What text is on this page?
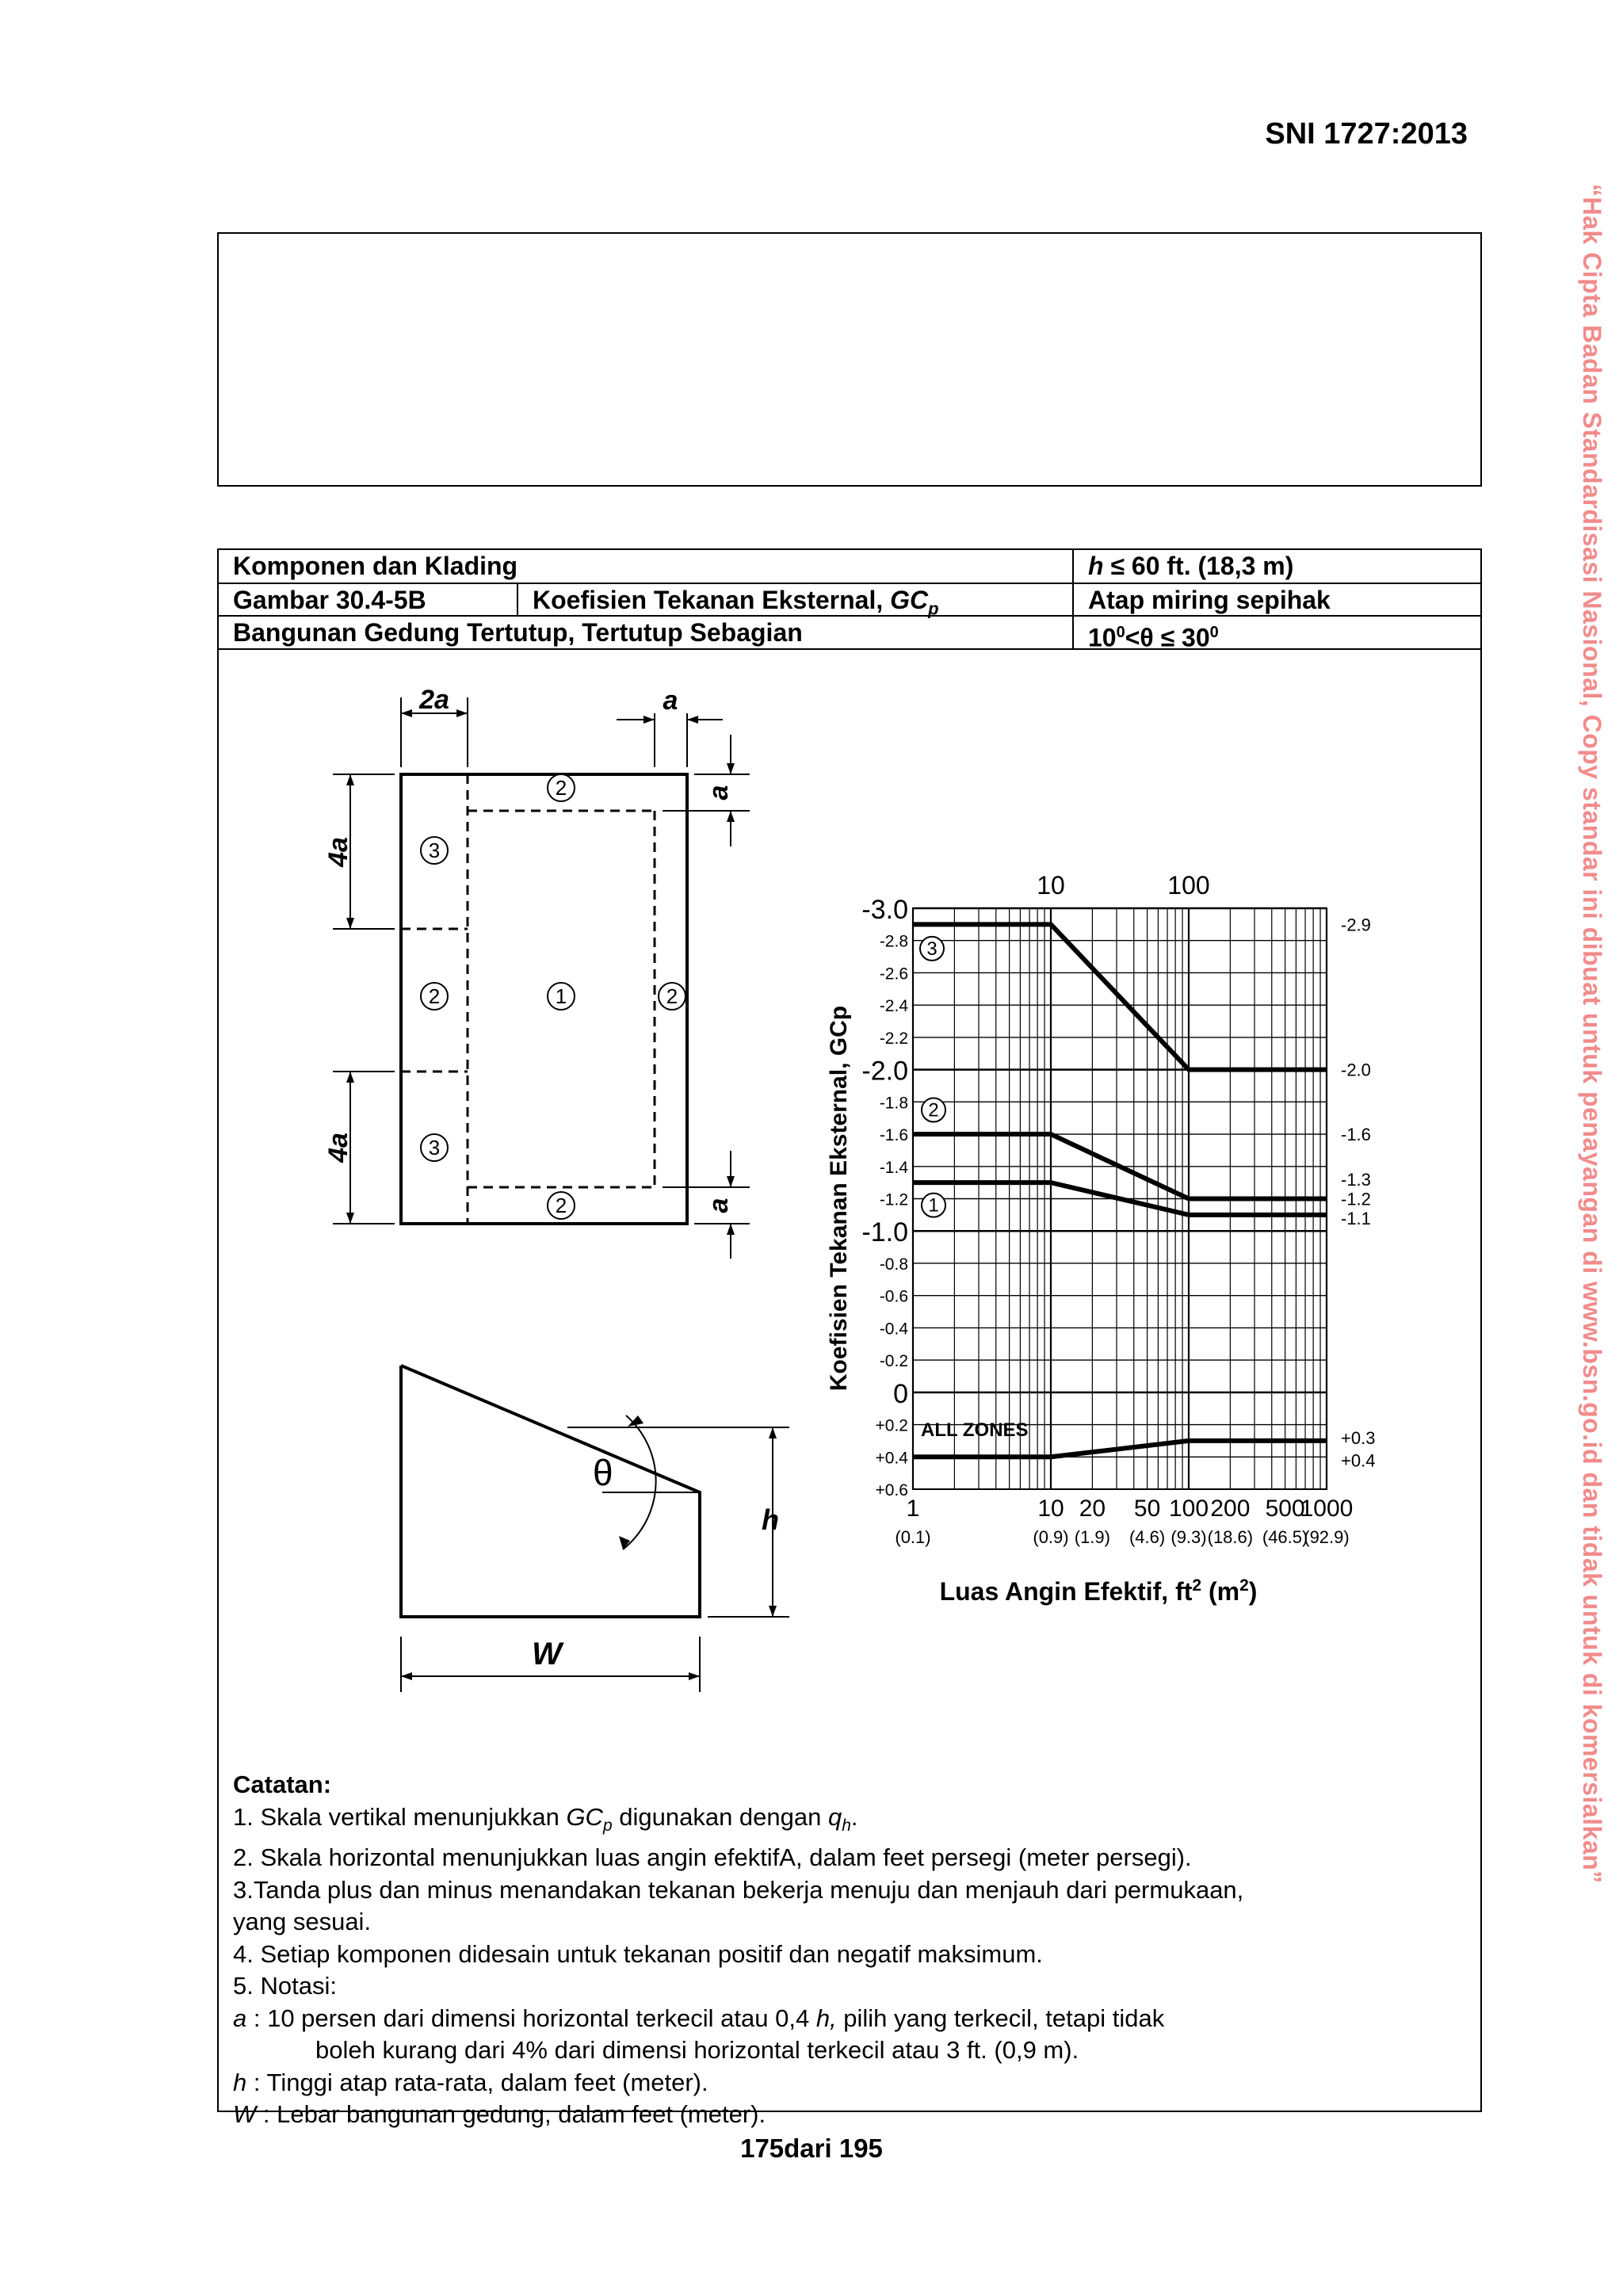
SNI 1727:2013
“Hak Cipta Badan Standardisasi Nasional, Copy standar ini dibuat untuk penayangan di www.bsn.go.id dan tidak untuk di komersialkan”
Komponen dan Klading	h ≤ 60 ft. (18,3 m)
Gambar 30.4-5B	Koefisien Tekanan Eksternal, $GC_p$	Atap miring sepihak
Bangunan Gedung Tertutup, Tertutup Sebagian	$10^0<\theta \le 30^0$
2a	a
a
a
4a
4a
2
3
2	1	2
3
2
θ
h
W
-3.0
-2.0
-1.0
0
-2.8
-2.6
-2.4
-2.2
-1.8
-1.6
-1.4
-1.2
-0.8
-0.6
-0.4
-0.2
+0.2
+0.4
+0.6
1
(0.1)
10
(0.9)
20
(1.9)
50
(4.6)
100
(9.3)
200
(18.6)
500
(46.5)
1000
(92.9)
10	100
3
2
1
ALL ZONES
-2.9
-2.0
-1.6
-1.3
-1.2
-1.1
+0.3
+0.4
Koefisien Tekanan Eksternal, GCp
Luas Angin Efektif, $ft^2$ $(m^2)$
Catatan:
1. Skala vertikal menunjukkan $GC_p$ digunakan dengan $q_h$.
2. Skala horizontal menunjukkan luas angin efektifA, dalam feet persegi (meter persegi).
3.Tanda plus dan minus menandakan tekanan bekerja menuju dan menjauh dari permukaan,
yang sesuai.
4. Setiap komponen didesain untuk tekanan positif dan negatif maksimum.
5. Notasi:
a : 10 persen dari dimensi horizontal terkecil atau 0,4 h, pilih yang terkecil, tetapi tidak
boleh kurang dari 4% dari dimensi horizontal terkecil atau 3 ft. (0,9 m).
h : Tinggi atap rata-rata, dalam feet (meter).
W : Lebar bangunan gedung, dalam feet (meter).
175dari 195
